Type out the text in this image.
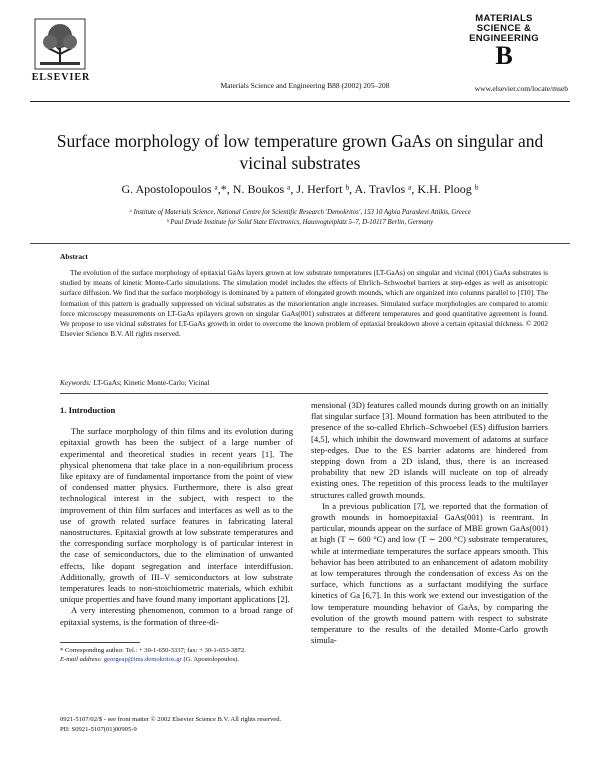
ELSEVIER
Materials Science and Engineering B88 (2002) 205–208
MATERIALS
SCIENCE &
ENGINEERING
B
www.elsevier.com/locate/mseb
Surface morphology of low temperature grown GaAs on singular and vicinal substrates
G. Apostolopoulos ᵃ,*, N. Boukos ᵃ, J. Herfort ᵇ, A. Travlos ᵃ, K.H. Ploog ᵇ
ᵃ Institute of Materials Science, National Centre for Scientific Research 'Demokritos', 153 10 Aghia Paraskevi Attikis, Greece
ᵇ Paul Drude Institute for Solid State Electronics, Hausvogteiplatz 5–7, D-10117 Berlin, Germany
Abstract
The evolution of the surface morphology of epitaxial GaAs layers grown at low substrate temperatures (LT-GaAs) on singular and vicinal (001) GaAs substrates is studied by means of kinetic Monte-Carlo simulations. The simulation model includes the effects of Ehrlich–Schwoebel barriers at step-edges as well as anisotropic surface diffusion. We find that the surface morphology is dominated by a pattern of elongated growth mounds, which are organized into columns parallel to [1̄10]. The formation of this pattern is gradually suppressed on vicinal substrates as the misorientation angle increases. Simulated surface morphologies are compared to atomic force microscopy measurements on LT-GaAs epilayers grown on singular GaAs(001) substrates at different temperatures and good quantitative agreement is found. We propose to use vicinal substrates for LT-GaAs growth in order to overcome the known problem of epitaxial breakdown above a certain epitaxial thickness. © 2002 Elsevier Science B.V. All rights reserved.
Keywords: LT-GaAs; Kinetic Monte-Carlo; Vicinal
1. Introduction

The surface morphology of thin films and its evolution during epitaxial growth has been the subject of a large number of experimental and theoretical studies in recent years [1]. The physical phenomena that take place in a non-equilibrium process like epitaxy are of fundamental importance from the point of view of condensed matter physics. Furthermore, there is also great technological interest in the subject, with respect to the improvement of thin film surfaces and interfaces as well as to the use of growth related surface features in fabricating lateral nanostructures. Epitaxial growth at low substrate temperatures and the corresponding surface morphology is of particular interest in the case of semiconductors, due to the elimination of unwanted effects, like dopant segregation and interface interdiffusion. Additionally, growth of III–V semiconductors at low substrate temperatures leads to non-stoichiometric materials, which exhibit unique properties and have found many important applications [2].

A very interesting phenomenon, common to a broad range of epitaxial systems, is the formation of three-di-

mensional (3D) features called mounds during growth on an initially flat singular surface [3]. Mound formation has been attributed to the presence of the so-called Ehrlich–Schwoebel (ES) diffusion barriers [4,5], which inhibit the downward movement of adatoms at surface step-edges. Due to the ES barrier adatoms are hindered from stepping down from a 2D island, thus, there is an increased probability that new 2D islands will nucleate on top of already existing ones. The repetition of this process leads to the multilayer structures called growth mounds.

In a previous publication [7], we reported that the formation of growth mounds in homoepitaxial GaAs(001) is reentrant. In particular, mounds appear on the surface of MBE grown GaAs(001) at high (T ∼ 600 °C) and low (T ∼ 200 °C) substrate temperatures, while at intermediate temperatures the surface appears smooth. This behavior has been attributed to an enhancement of adatom mobility at low temperatures through the condensation of excess As on the surface, which functions as a surfactant modifying the surface kinetics of Ga [6,7]. In this work we extend our investigation of the low temperature mounding behavior of GaAs, by comparing the evolution of the growth mound pattern with respect to substrate temperature to the results of the detailed Monte-Carlo growth simula-

* Corresponding author. Tel.: + 30-1-650-3337; fax: + 30-1-653-3872.
E-mail address: georgeap@ims.demokritos.gr (G. Apostolopoulos).
0921-5107/02/$ - see front matter © 2002 Elsevier Science B.V. All rights reserved.
PII: S0921-5107(01)00905-9
